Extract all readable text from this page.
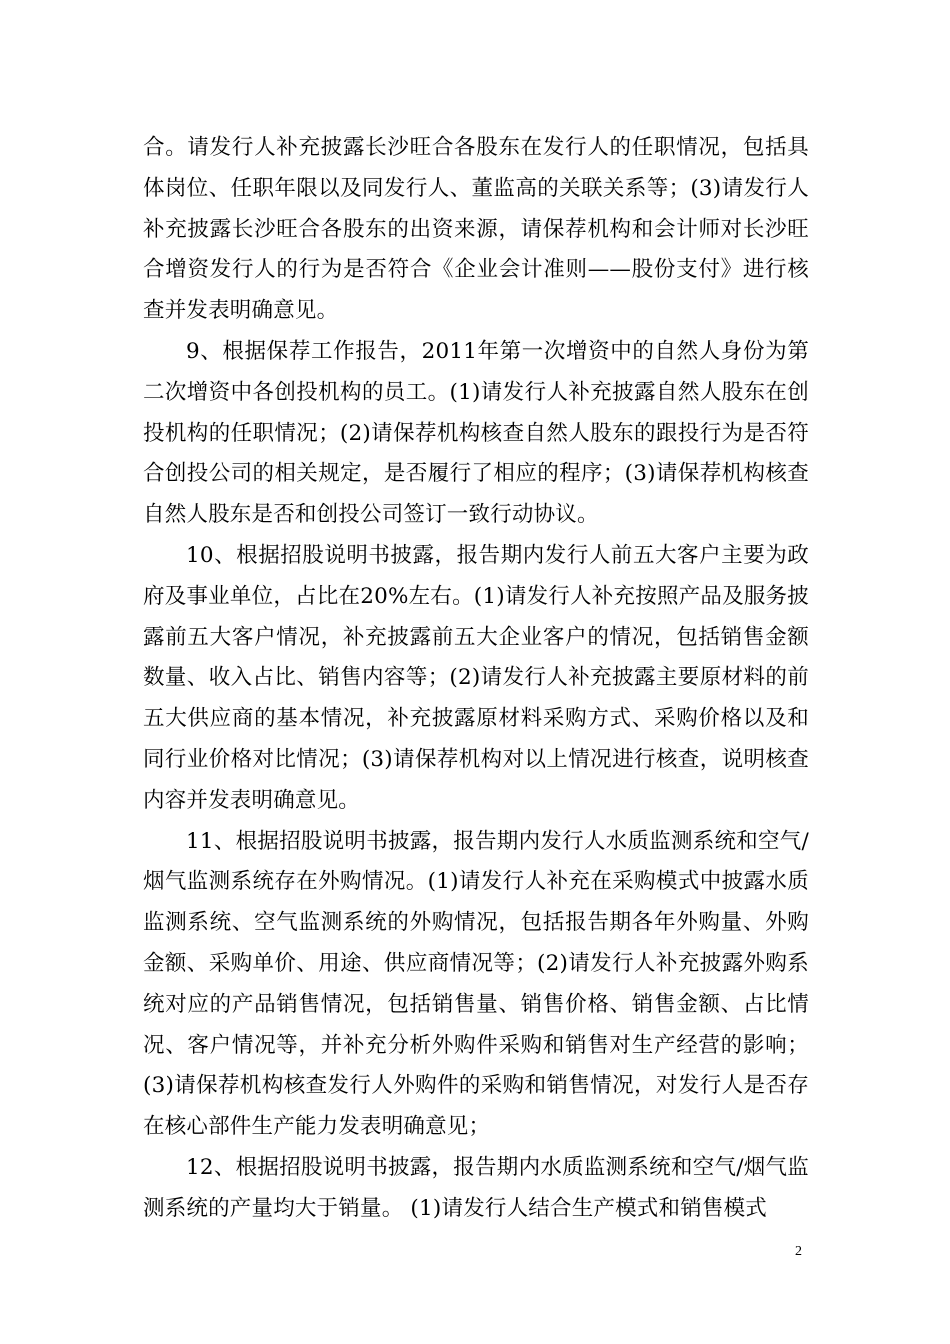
合。请发行人补充披露长沙旺合各股东在发行人的任职情况，包括具体岗位、任职年限以及同发行人、董监高的关联关系等；(3)请发行人补充披露长沙旺合各股东的出资来源，请保荐机构和会计师对长沙旺合增资发行人的行为是否符合《企业会计准则——股份支付》进行核查并发表明确意见。

9、根据保荐工作报告，2011年第一次增资中的自然人身份为第二次增资中各创投机构的员工。(1)请发行人补充披露自然人股东在创投机构的任职情况；(2)请保荐机构核查自然人股东的跟投行为是否符合创投公司的相关规定，是否履行了相应的程序；(3)请保荐机构核查自然人股东是否和创投公司签订一致行动协议。

10、根据招股说明书披露，报告期内发行人前五大客户主要为政府及事业单位，占比在20%左右。(1)请发行人补充按照产品及服务披露前五大客户情况，补充披露前五大企业客户的情况，包括销售金额数量、收入占比、销售内容等；(2)请发行人补充披露主要原材料的前五大供应商的基本情况，补充披露原材料采购方式、采购价格以及和同行业价格对比情况；(3)请保荐机构对以上情况进行核查，说明核查内容并发表明确意见。

11、根据招股说明书披露，报告期内发行人水质监测系统和空气/烟气监测系统存在外购情况。(1)请发行人补充在采购模式中披露水质监测系统、空气监测系统的外购情况，包括报告期各年外购量、外购金额、采购单价、用途、供应商情况等；(2)请发行人补充披露外购系统对应的产品销售情况，包括销售量、销售价格、销售金额、占比情况、客户情况等，并补充分析外购件采购和销售对生产经营的影响；(3)请保荐机构核查发行人外购件的采购和销售情况，对发行人是否存在核心部件生产能力发表明确意见；

12、根据招股说明书披露，报告期内水质监测系统和空气/烟气监测系统的产量均大于销量。 (1)请发行人结合生产模式和销售模式

2
